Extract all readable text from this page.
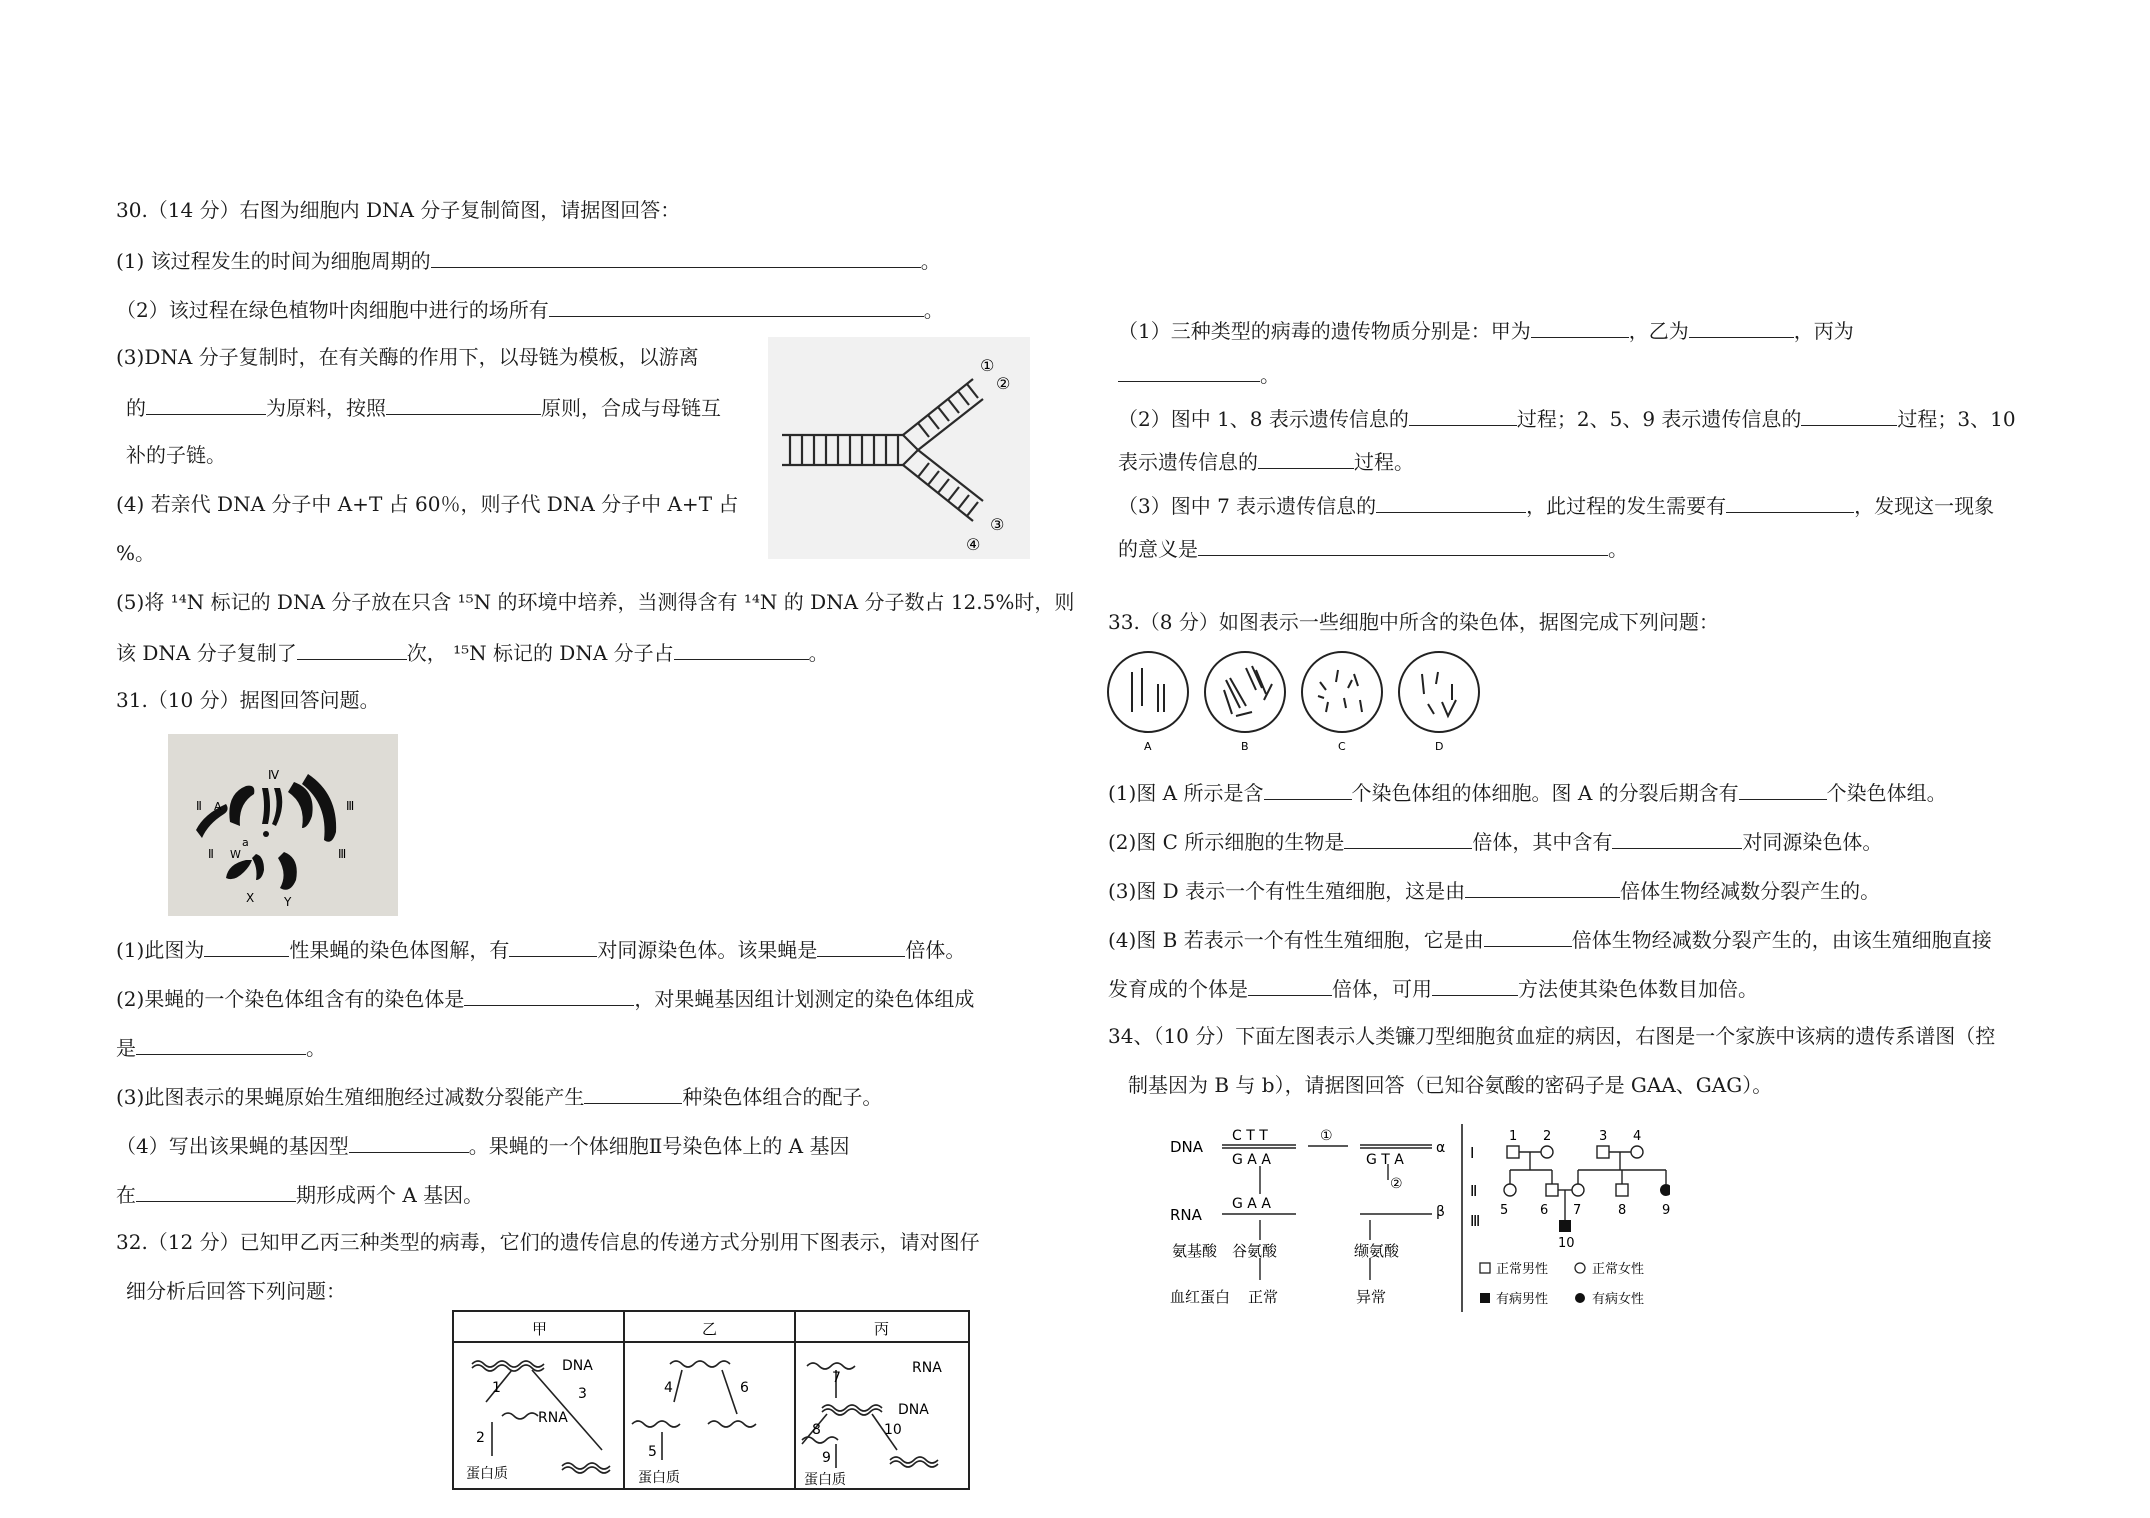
30.（14 分）右图为细胞内 DNA 分子复制简图，请据图回答：
(1) 该过程发生的时间为细胞周期的	。
（2）该过程在绿色植物叶肉细胞中进行的场所有	。
(3)DNA 分子复制时，在有关酶的作用下，以母链为模板，以游离
的	为原料，按照	原则，合成与母链互
补的子链。
(4) 若亲代 DNA 分子中 A+T 占 60％，则子代 DNA 分子中 A+T 占
%。
(5)将 ¹⁴N 标记的 DNA 分子放在只含 ¹⁵N 的环境中培养，当测得含有 ¹⁴N 的 DNA 分子数占 12.5%时，则
该 DNA 分子复制了	次， ¹⁵N 标记的 DNA 分子占	。
①
②
③
④
31.（10 分）据图回答问题。
Ⅳ
Ⅱ A	Ⅲ
Ⅱ W
a
Ⅲ
X Y
(1)此图为	性果蝇的染色体图解，有	对同源染色体。该果蝇是	倍体。
(2)果蝇的一个染色体组含有的染色体是	，对果蝇基因组计划测定的染色体组成
是	。
(3)此图表示的果蝇原始生殖细胞经过减数分裂能产生	种染色体组合的配子。
（4）写出该果蝇的基因型	。果蝇的一个体细胞Ⅱ号染色体上的 A 基因
在	期形成两个 A 基因。
32.（12 分）已知甲乙丙三种类型的病毒，它们的遗传信息的传递方式分别用下图表示，请对图仔
细分析后回答下列问题：
甲	乙	丙
DNA
1	3
RNA
2
蛋白质
4	6
5
蛋白质
7
RNA
DNA
8	10
9
蛋白质
（1）三种类型的病毒的遗传物质分别是：甲为	，乙为	，丙为
。
（2）图中 1、8 表示遗传信息的	过程；2、5、9 表示遗传信息的	过程；3、10
表示遗传信息的	过程。
（3）图中 7 表示遗传信息的	，此过程的发生需要有	，发现这一现象
的意义是	。
33.（8 分）如图表示一些细胞中所含的染色体，据图完成下列问题：
A	B	C	D
(1)图 A 所示是含	个染色体组的体细胞。图 A 的分裂后期含有	个染色体组。
(2)图 C 所示细胞的生物是	倍体，其中含有	对同源染色体。
(3)图 D 表示一个有性生殖细胞，这是由	倍体生物经减数分裂产生的。
(4)图 B 若表示一个有性生殖细胞，它是由	倍体生物经减数分裂产生的，由该生殖细胞直接
发育成的个体是	倍体，可用	方法使其染色体数目加倍。
34、（10 分）下面左图表示人类镰刀型细胞贫血症的病因，右图是一个家族中该病的遗传系谱图（控
制基因为 B 与 b），请据图回答（已知谷氨酸的密码子是 GAA、GAG）。
DNA
C T T
G A A
①
α
G T A
②
RNA
G A A	β
氨基酸 谷氨酸	缬氨酸
血红蛋白 正常	异常
Ⅰ
Ⅱ
Ⅲ
1 2	3 4
5 6 7	8	9
10
正常男性	正常女性
有病男性	有病女性
